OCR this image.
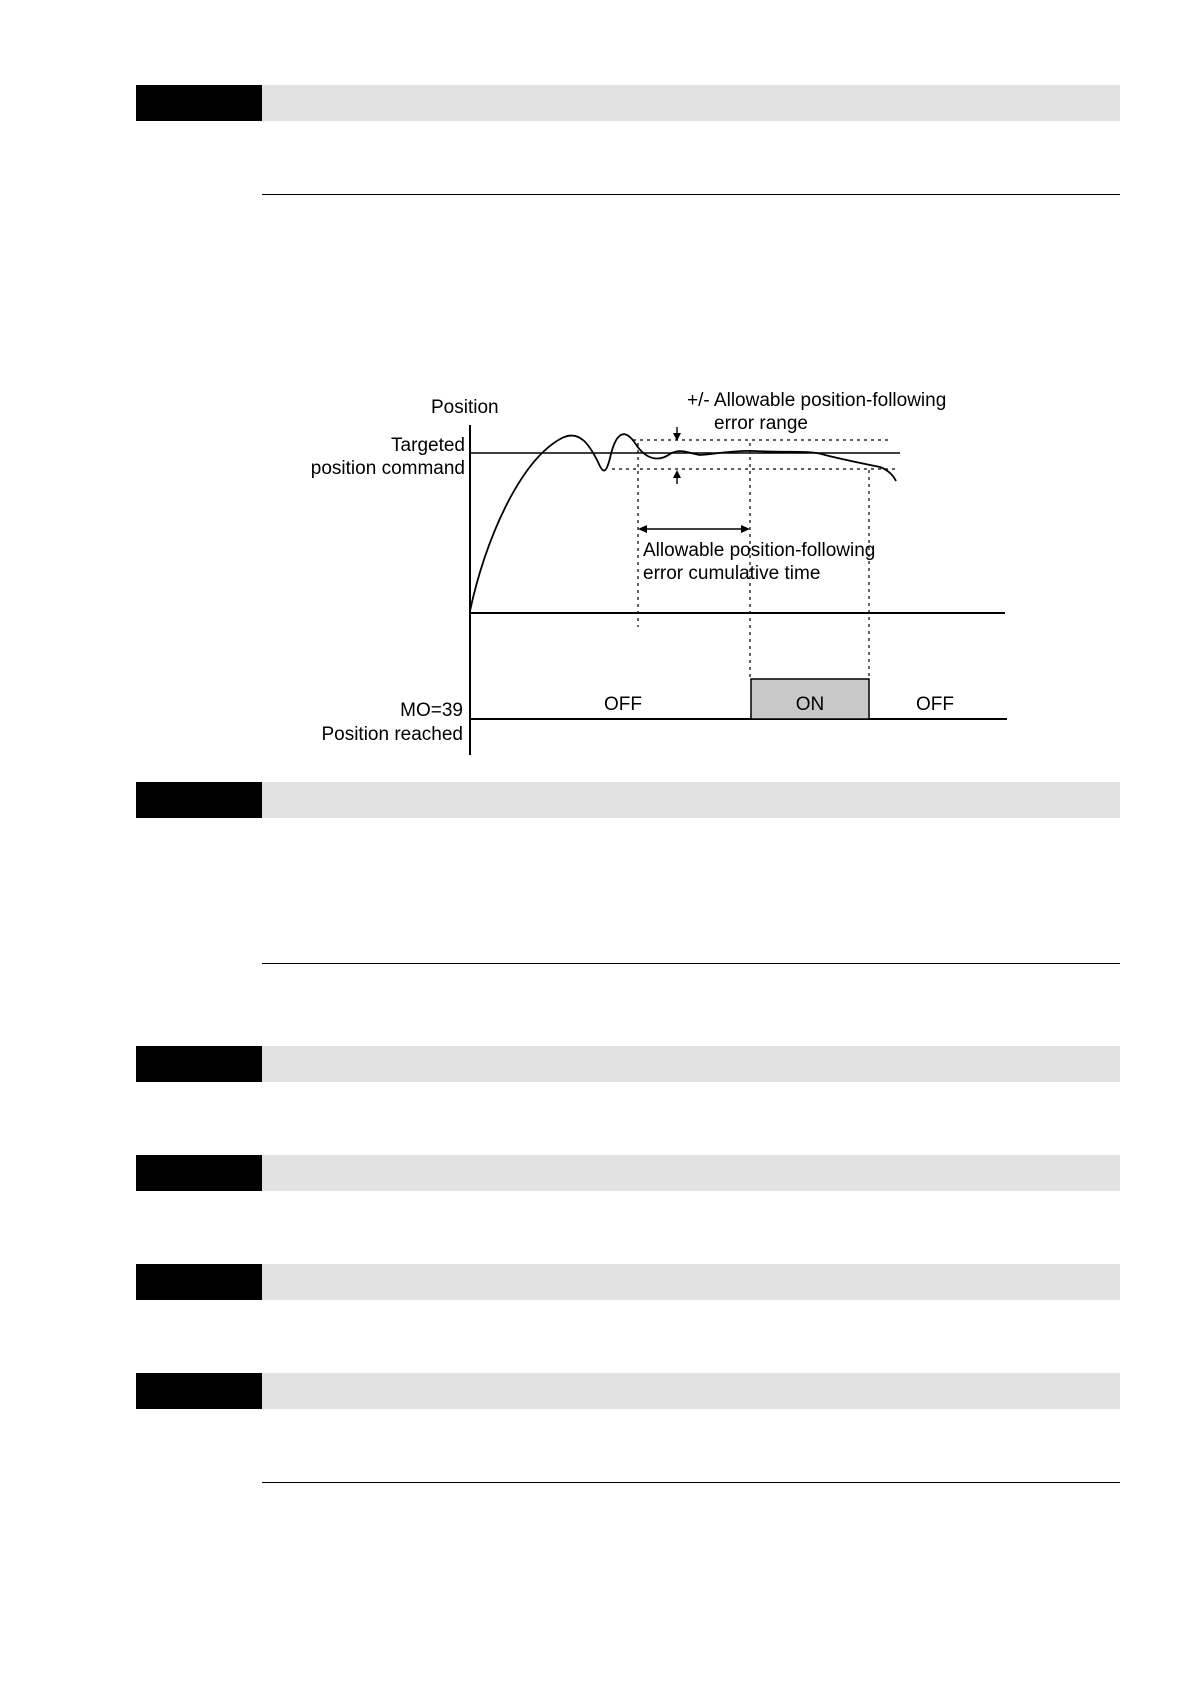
Position
Targeted
position command
+/- Allowable position-following
error range
Allowable position-following
error cumulative time
MO=39
Position reached
OFF	ON	OFF
